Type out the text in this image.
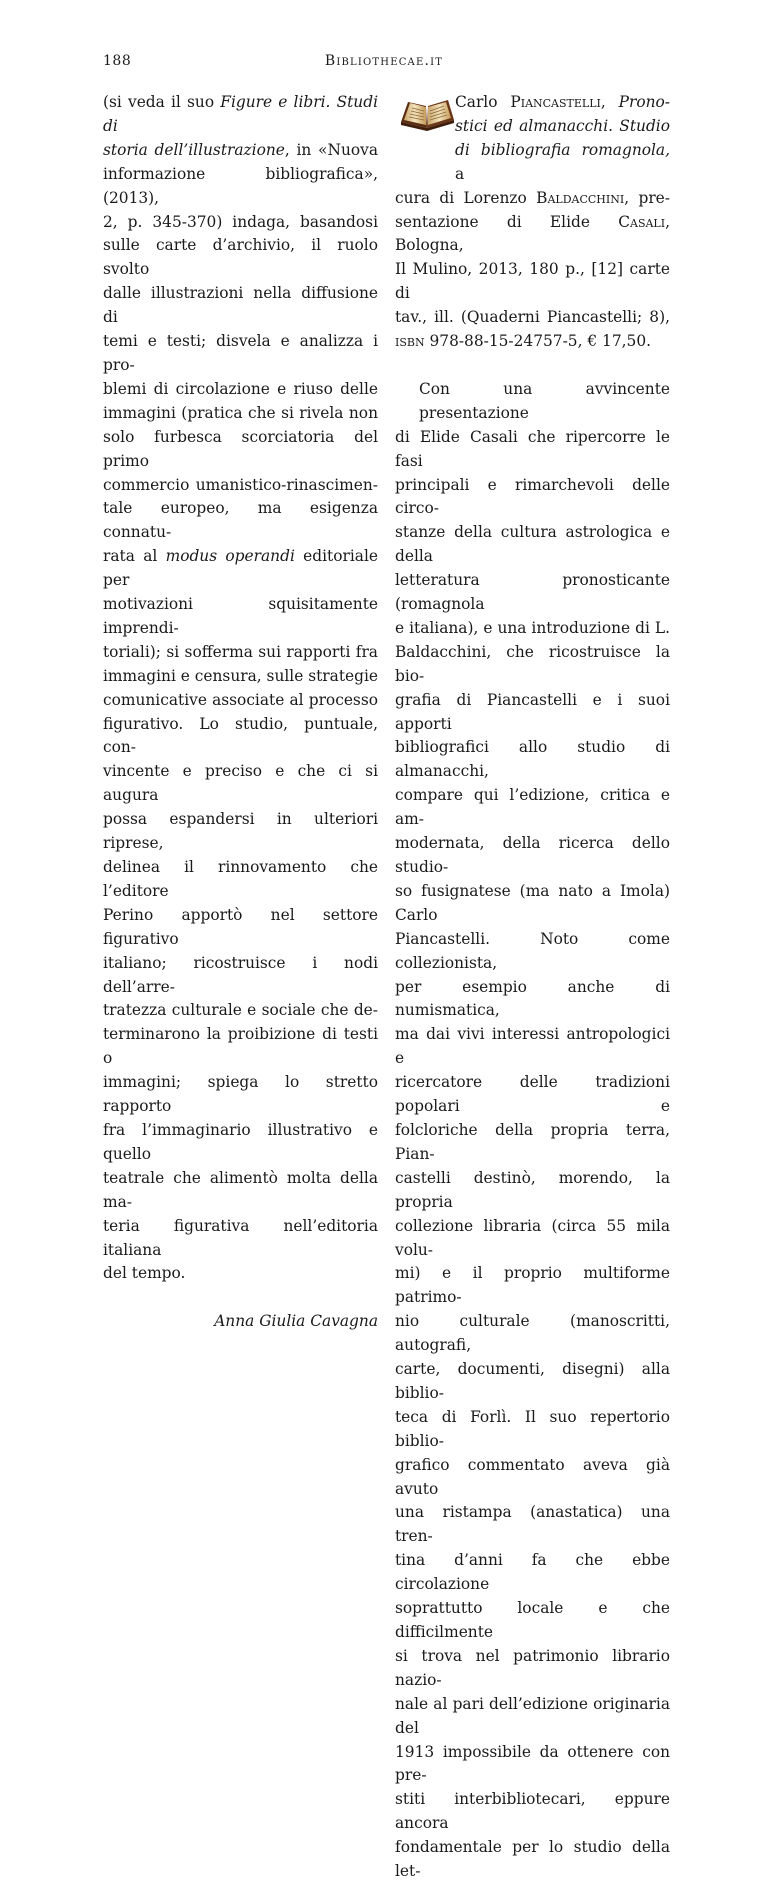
188	Bibliothecae.it
(si veda il suo Figure e libri. Studi di
storia dell’illustrazione, in «Nuova
informazione bibliografica», (2013),
2, p. 345-370) indaga, basandosi
sulle carte d’archivio, il ruolo svolto
dalle illustrazioni nella diffusione di
temi e testi; disvela e analizza i pro-
blemi di circolazione e riuso delle
immagini (pratica che si rivela non
solo furbesca scorciatoria del primo
commercio umanistico-rinascimen-
tale europeo, ma esigenza connatu-
rata al modus operandi editoriale per
motivazioni squisitamente imprendi-
toriali); si sofferma sui rapporti fra
immagini e censura, sulle strategie
comunicative associate al processo
figurativo. Lo studio, puntuale, con-
vincente e preciso e che ci si augura
possa espandersi in ulteriori riprese,
delinea il rinnovamento che l’editore
Perino apportò nel settore figurativo
italiano; ricostruisce i nodi dell’arre-
tratezza culturale e sociale che de-
terminarono la proibizione di testi o
immagini; spiega lo stretto rapporto
fra l’immaginario illustrativo e quello
teatrale che alimentò molta della ma-
teria figurativa nell’editoria italiana
del tempo.

Anna Giulia Cavagna
Carlo Piancastelli, Prono-
stici ed almanacchi. Studio
di bibliografia romagnola, a
cura di Lorenzo Baldacchini, pre-
sentazione di Elide Casali, Bologna,
Il Mulino, 2013, 180 p., [12] carte di
tav., ill. (Quaderni Piancastelli; 8),
isbn 978-88-15-24757-5, € 17,50.

Con una avvincente presentazione
di Elide Casali che ripercorre le fasi
principali e rimarchevoli delle circo-
stanze della cultura astrologica e della
letteratura pronosticante (romagnola
e italiana), e una introduzione di L.
Baldacchini, che ricostruisce la bio-
grafia di Piancastelli e i suoi apporti
bibliografici allo studio di almanacchi,
compare qui l’edizione, critica e am-
modernata, della ricerca dello studio-
so fusignatese (ma nato a Imola) Carlo
Piancastelli. Noto come collezionista,
per esempio anche di numismatica,
ma dai vivi interessi antropologici e
ricercatore delle tradizioni popolari e
folcloriche della propria terra, Pian-
castelli destinò, morendo, la propria
collezione libraria (circa 55 mila volu-
mi) e il proprio multiforme patrimo-
nio culturale (manoscritti, autografi,
carte, documenti, disegni) alla biblio-
teca di Forlì. Il suo repertorio biblio-
grafico commentato aveva già avuto
una ristampa (anastatica) una tren-
tina d’anni fa che ebbe circolazione
soprattutto locale e che difficilmente
si trova nel patrimonio librario nazio-
nale al pari dell’edizione originaria del
1913 impossibile da ottenere con pre-
stiti interbibliotecari, eppure ancora
fondamentale per lo studio della let-
